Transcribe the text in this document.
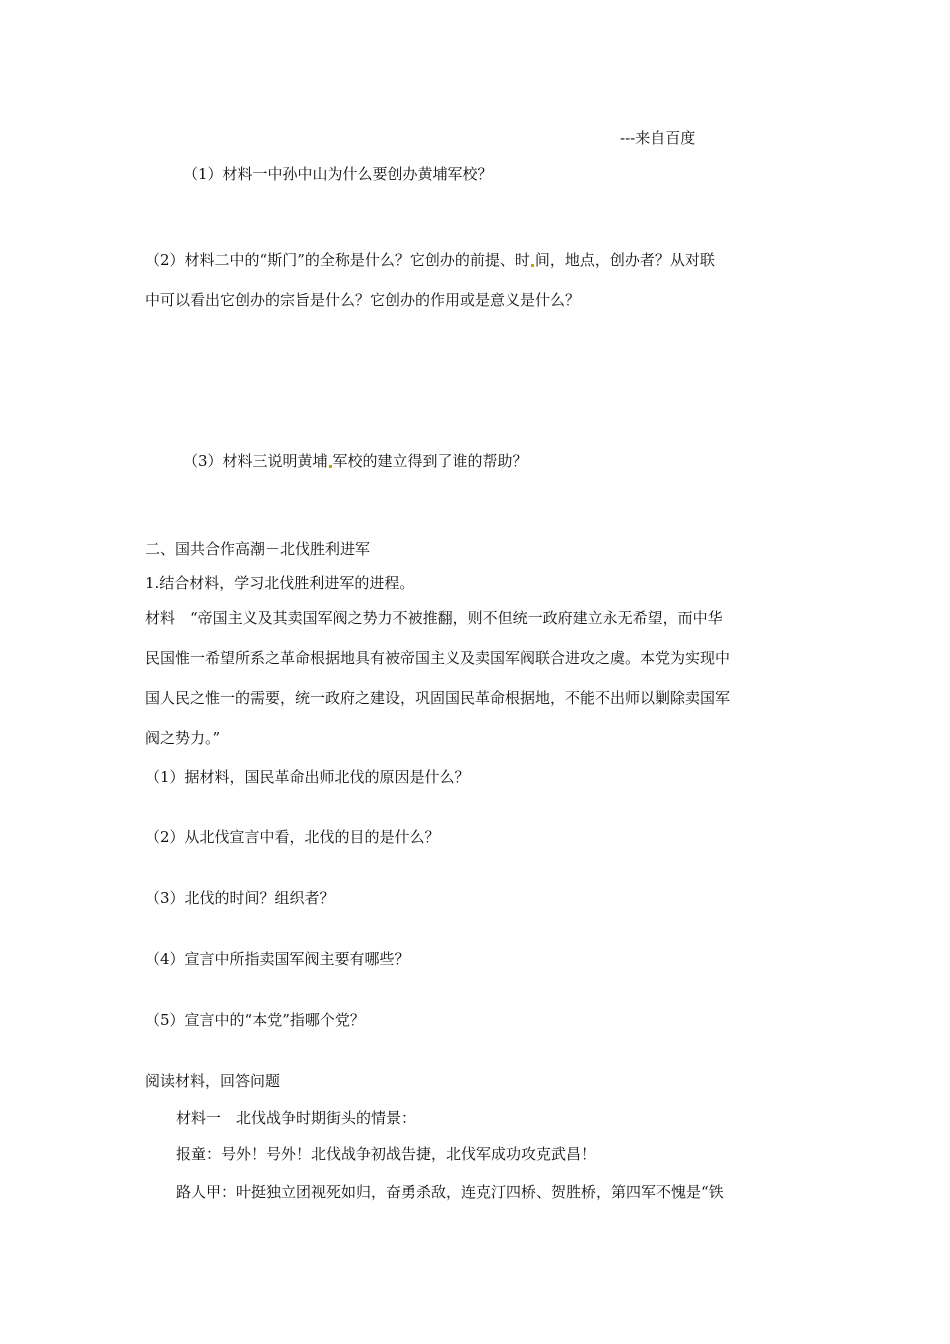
---来自百度
（1）材料一中孙中山为什么要创办黄埔军校？
（2）材料二中的“斯门”的全称是什么？它创办的前提、时 间，地点，创办者？从对联
中可以看出它创办的宗旨是什么？它创办的作用或是意义是什么？
（3）材料三说明黄埔 军校的建立得到了谁的帮助？
二、国共合作高潮－北伐胜利进军
1.结合材料，学习北伐胜利进军的进程。
材料　“帝国主义及其卖国军阀之势力不被推翻，则不但统一政府建立永无希望，而中华
民国惟一希望所系之革命根据地具有被帝国主义及卖国军阀联合进攻之虞。本党为实现中
国人民之惟一的需要，统一政府之建设，巩固国民革命根据地，不能不出师以剿除卖国军
阀之势力。”
（1）据材料，国民革命出师北伐的原因是什么？
（2）从北伐宣言中看，北伐的目的是什么？
（3）北伐的时间？组织者？
（4）宣言中所指卖国军阀主要有哪些？
（5）宣言中的“本党”指哪个党？
阅读材料，回答问题
材料一　北伐战争时期街头的情景：
报童：号外！号外！北伐战争初战告捷，北伐军成功攻克武昌！
路人甲：叶挺独立团视死如归，奋勇杀敌，连克汀四桥、贺胜桥，第四军不愧是“铁
